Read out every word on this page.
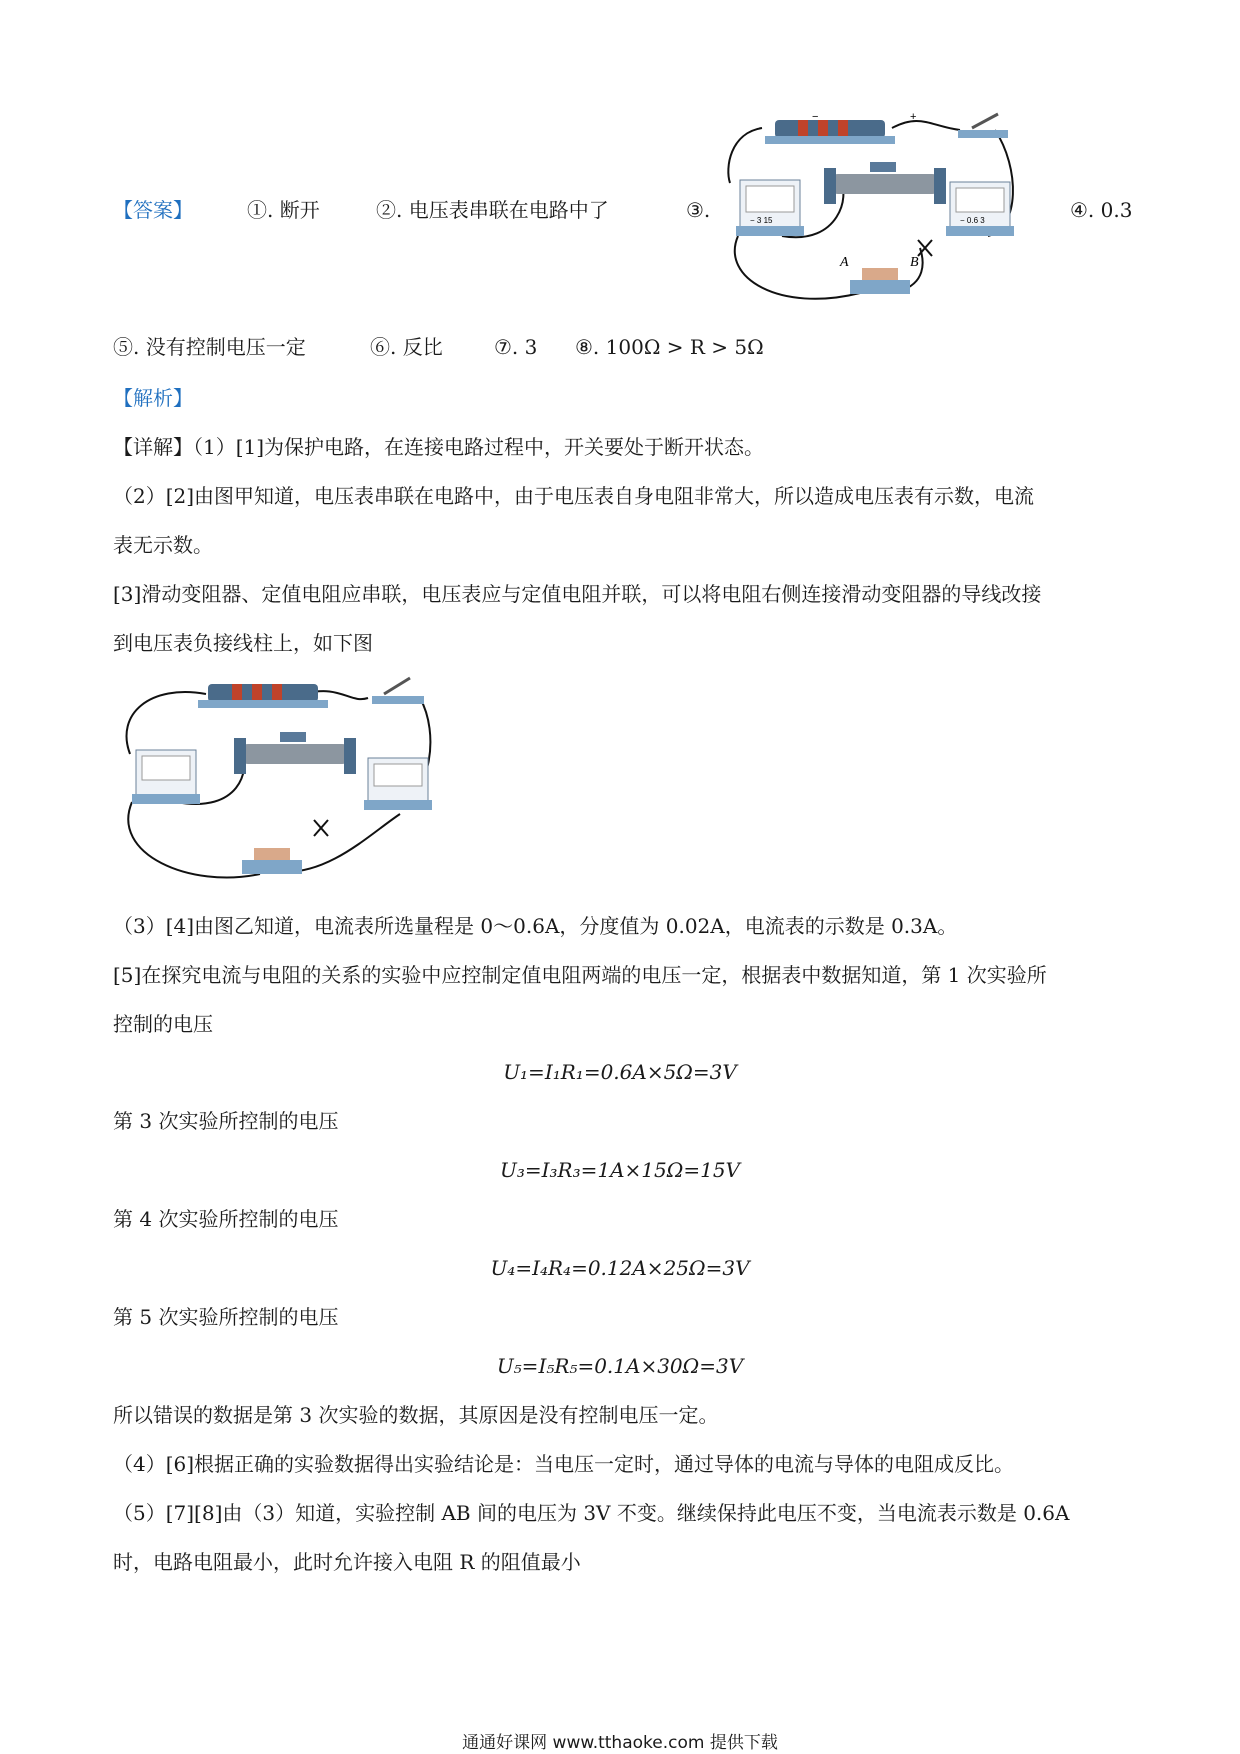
【答案】	①. 断开	②. 电压表串联在电路中了	③.	④. 0.3
−	+
− 3 15	− 0.6 3
A	B
⑤. 没有控制电压一定	⑥. 反比	⑦. 3 ⑧. 100Ω > R > 5Ω
【解析】
【详解】（1）[1]为保护电路，在连接电路过程中，开关要处于断开状态。
（2）[2]由图甲知道，电压表串联在电路中，由于电压表自身电阻非常大，所以造成电压表有示数，电流
表无示数。
[3]滑动变阻器、定值电阻应串联，电压表应与定值电阻并联，可以将电阻右侧连接滑动变阻器的导线改接
到电压表负接线柱上，如下图
（3）[4]由图乙知道，电流表所选量程是 0～0.6A，分度值为 0.02A，电流表的示数是 0.3A。
[5]在探究电流与电阻的关系的实验中应控制定值电阻两端的电压一定，根据表中数据知道，第 1 次实验所
控制的电压
U₁=I₁R₁=0.6A×5Ω=3V
第 3 次实验所控制的电压
U₃=I₃R₃=1A×15Ω=15V
第 4 次实验所控制的电压
U₄=I₄R₄=0.12A×25Ω=3V
第 5 次实验所控制的电压
U₅=I₅R₅=0.1A×30Ω=3V
所以错误的数据是第 3 次实验的数据，其原因是没有控制电压一定。
（4）[6]根据正确的实验数据得出实验结论是：当电压一定时，通过导体的电流与导体的电阻成反比。
（5）[7][8]由（3）知道，实验控制 AB 间的电压为 3V 不变。继续保持此电压不变，当电流表示数是 0.6A
时，电路电阻最小，此时允许接入电阻 R 的阻值最小
通通好课网 www.tthaoke.com 提供下载
